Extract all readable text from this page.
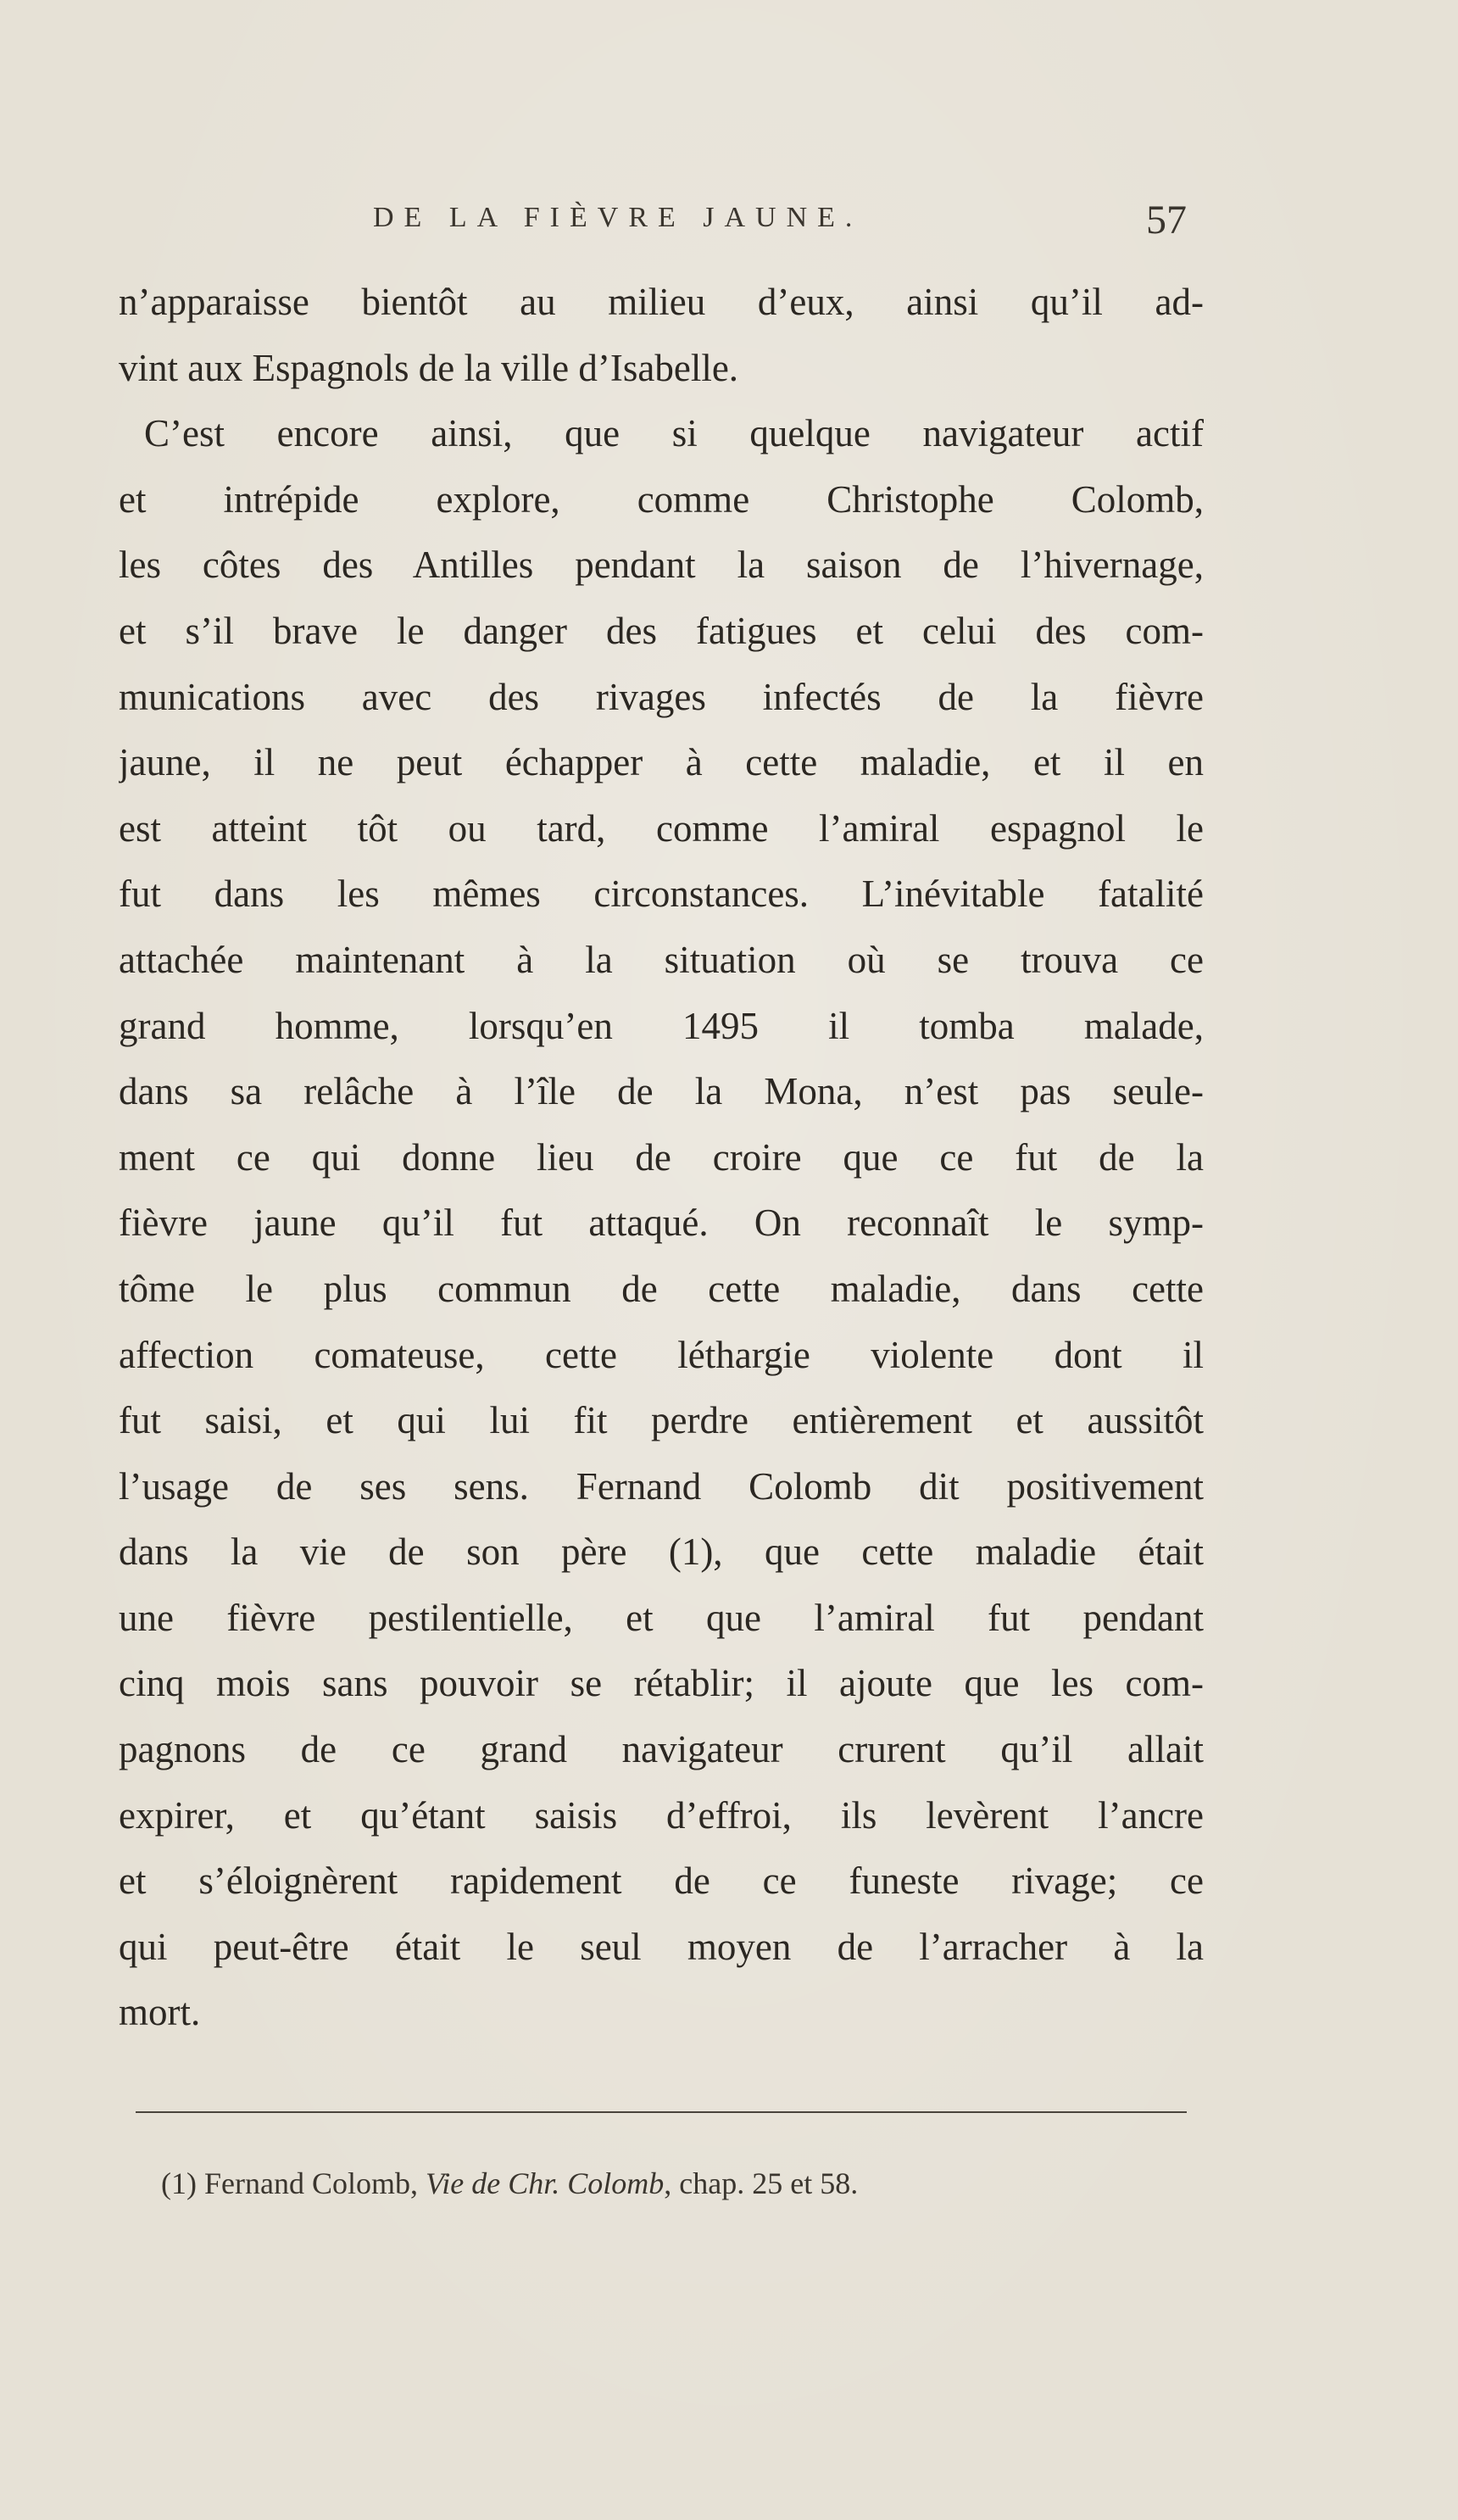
DE LA FIÈVRE JAUNE.	57
n’apparaisse bientôt au milieu d’eux, ainsi qu’il ad-
vint aux Espagnols de la ville d’Isabelle.
C’est encore ainsi, que si quelque navigateur actif
et intrépide explore, comme Christophe Colomb,
les côtes des Antilles pendant la saison de l’hivernage,
et s’il brave le danger des fatigues et celui des com-
munications avec des rivages infectés de la fièvre
jaune, il ne peut échapper à cette maladie, et il en
est atteint tôt ou tard, comme l’amiral espagnol le
fut dans les mêmes circonstances. L’inévitable fatalité
attachée maintenant à la situation où se trouva ce
grand homme, lorsqu’en 1495 il tomba malade,
dans sa relâche à l’île de la Mona, n’est pas seule-
ment ce qui donne lieu de croire que ce fut de la
fièvre jaune qu’il fut attaqué. On reconnaît le symp-
tôme le plus commun de cette maladie, dans cette
affection comateuse, cette léthargie violente dont il
fut saisi, et qui lui fit perdre entièrement et aussitôt
l’usage de ses sens. Fernand Colomb dit positivement
dans la vie de son père (1), que cette maladie était
une fièvre pestilentielle, et que l’amiral fut pendant
cinq mois sans pouvoir se rétablir; il ajoute que les com-
pagnons de ce grand navigateur crurent qu’il allait
expirer, et qu’étant saisis d’effroi, ils levèrent l’ancre
et s’éloignèrent rapidement de ce funeste rivage; ce
qui peut-être était le seul moyen de l’arracher à la
mort.
(1) Fernand Colomb, Vie de Chr. Colomb, chap. 25 et 58.
